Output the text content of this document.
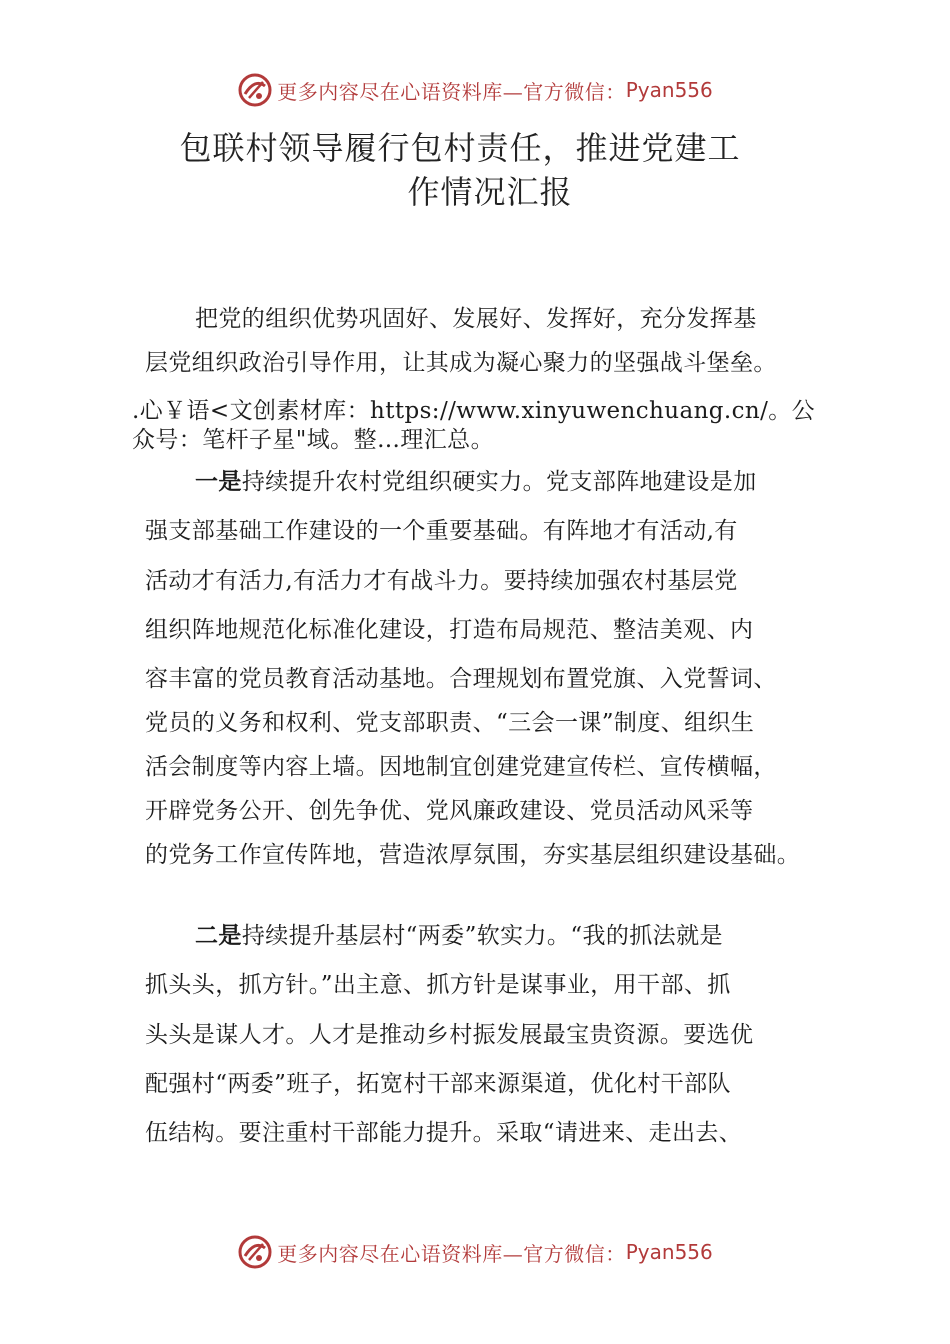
更多内容尽在心语资料库—官方微信： Pyan556
包联村领导履行包村责任，推进党建工
作情况汇报
把党的组织优势巩固好、发展好、发挥好，充分发挥基
层党组织政治引导作用，让其成为凝心聚力的坚强战斗堡垒。
.心￥语<文创素材库：https://www.xinyuwenchuang.cn/。公
众号：笔杆子星"域。整…理汇总。
一是持续提升农村党组织硬实力。党支部阵地建设是加
强支部基础工作建设的一个重要基础。有阵地才有活动,有
活动才有活力,有活力才有战斗力。要持续加强农村基层党
组织阵地规范化标准化建设，打造布局规范、整洁美观、内
容丰富的党员教育活动基地。合理规划布置党旗、入党誓词、
党员的义务和权利、党支部职责、“三会一课”制度、组织生
活会制度等内容上墙。因地制宜创建党建宣传栏、宣传横幅，
开辟党务公开、创先争优、党风廉政建设、党员活动风采等
的党务工作宣传阵地，营造浓厚氛围，夯实基层组织建设基础。
二是持续提升基层村“两委”软实力。“我的抓法就是
抓头头，抓方针。”出主意、抓方针是谋事业，用干部、抓
头头是谋人才。人才是推动乡村振发展最宝贵资源。要选优
配强村“两委”班子，拓宽村干部来源渠道，优化村干部队
伍结构。要注重村干部能力提升。采取“请进来、走出去、
更多内容尽在心语资料库—官方微信： Pyan556
